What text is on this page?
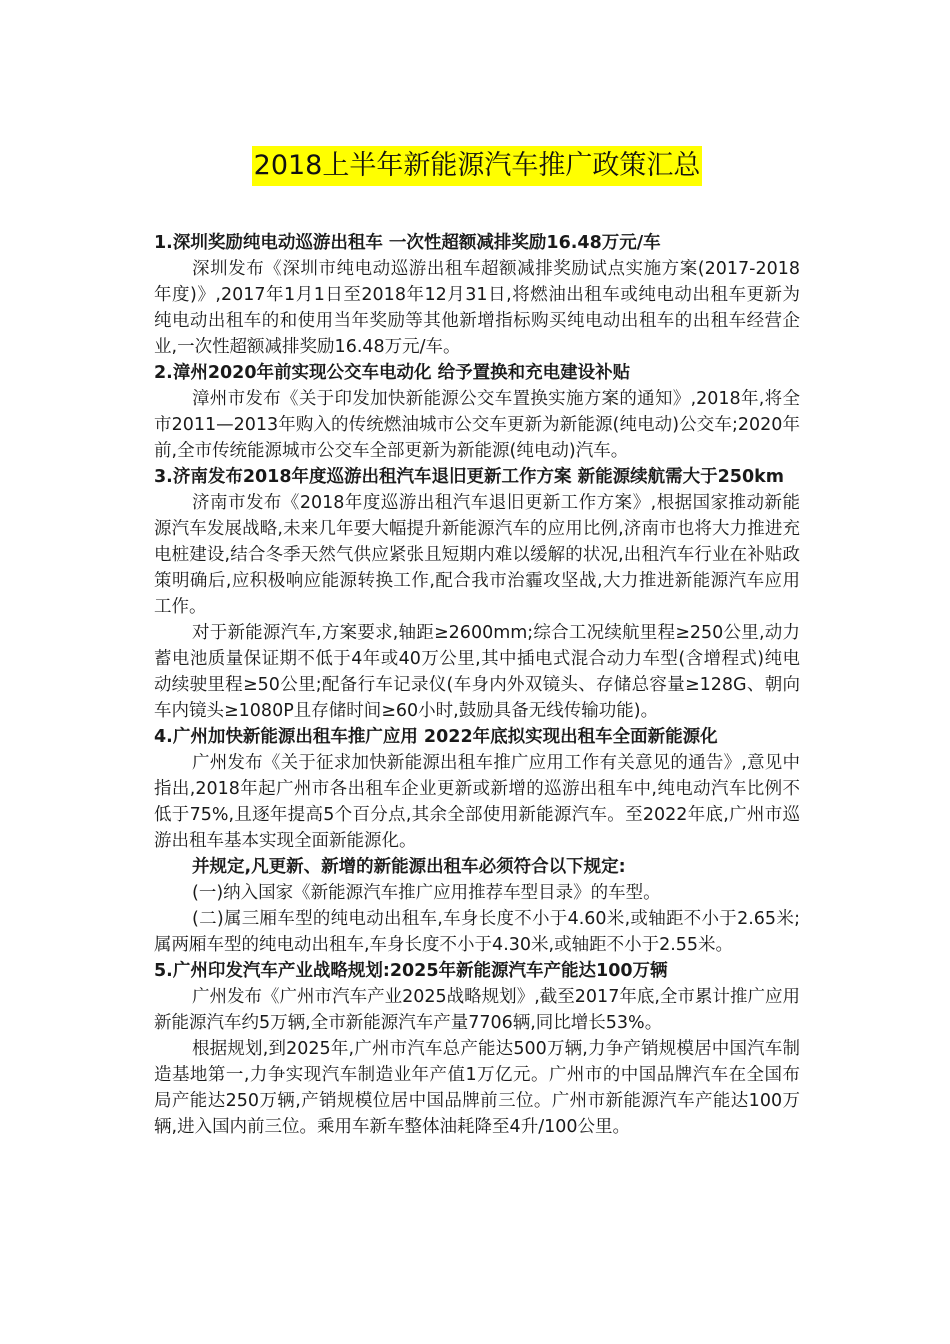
2018上半年新能源汽车推广政策汇总

1.深圳奖励纯电动巡游出租车 一次性超额减排奖励16.48万元/车

深圳发布《深圳市纯电动巡游出租车超额减排奖励试点实施方案(2017-2018年度)》,2017年1月1日至2018年12月31日,将燃油出租车或纯电动出租车更新为纯电动出租车的和使用当年奖励等其他新增指标购买纯电动出租车的出租车经营企业,一次性超额减排奖励16.48万元/车。

2.漳州2020年前实现公交车电动化 给予置换和充电建设补贴

漳州市发布《关于印发加快新能源公交车置换实施方案的通知》,2018年,将全市2011—2013年购入的传统燃油城市公交车更新为新能源(纯电动)公交车;2020年前,全市传统能源城市公交车全部更新为新能源(纯电动)汽车。

3.济南发布2018年度巡游出租汽车退旧更新工作方案 新能源续航需大于250km

济南市发布《2018年度巡游出租汽车退旧更新工作方案》,根据国家推动新能源汽车发展战略,未来几年要大幅提升新能源汽车的应用比例,济南市也将大力推进充电桩建设,结合冬季天然气供应紧张且短期内难以缓解的状况,出租汽车行业在补贴政策明确后,应积极响应能源转换工作,配合我市治霾攻坚战,大力推进新能源汽车应用工作。

对于新能源汽车,方案要求,轴距≥2600mm;综合工况续航里程≥250公里,动力蓄电池质量保证期不低于4年或40万公里,其中插电式混合动力车型(含增程式)纯电动续驶里程≥50公里;配备行车记录仪(车身内外双镜头、存储总容量≥128G、朝向车内镜头≥1080P且存储时间≥60小时,鼓励具备无线传输功能)。

4.广州加快新能源出租车推广应用 2022年底拟实现出租车全面新能源化

广州发布《关于征求加快新能源出租车推广应用工作有关意见的通告》,意见中指出,2018年起广州市各出租车企业更新或新增的巡游出租车中,纯电动汽车比例不低于75%,且逐年提高5个百分点,其余全部使用新能源汽车。至2022年底,广州市巡游出租车基本实现全面新能源化。

并规定,凡更新、新增的新能源出租车必须符合以下规定:

(一)纳入国家《新能源汽车推广应用推荐车型目录》的车型。

(二)属三厢车型的纯电动出租车,车身长度不小于4.60米,或轴距不小于2.65米;属两厢车型的纯电动出租车,车身长度不小于4.30米,或轴距不小于2.55米。

5.广州印发汽车产业战略规划:2025年新能源汽车产能达100万辆

广州发布《广州市汽车产业2025战略规划》,截至2017年底,全市累计推广应用新能源汽车约5万辆,全市新能源汽车产量7706辆,同比增长53%。

根据规划,到2025年,广州市汽车总产能达500万辆,力争产销规模居中国汽车制造基地第一,力争实现汽车制造业年产值1万亿元。广州市的中国品牌汽车在全国布局产能达250万辆,产销规模位居中国品牌前三位。广州市新能源汽车产能达100万辆,进入国内前三位。乘用车新车整体油耗降至4升/100公里。
